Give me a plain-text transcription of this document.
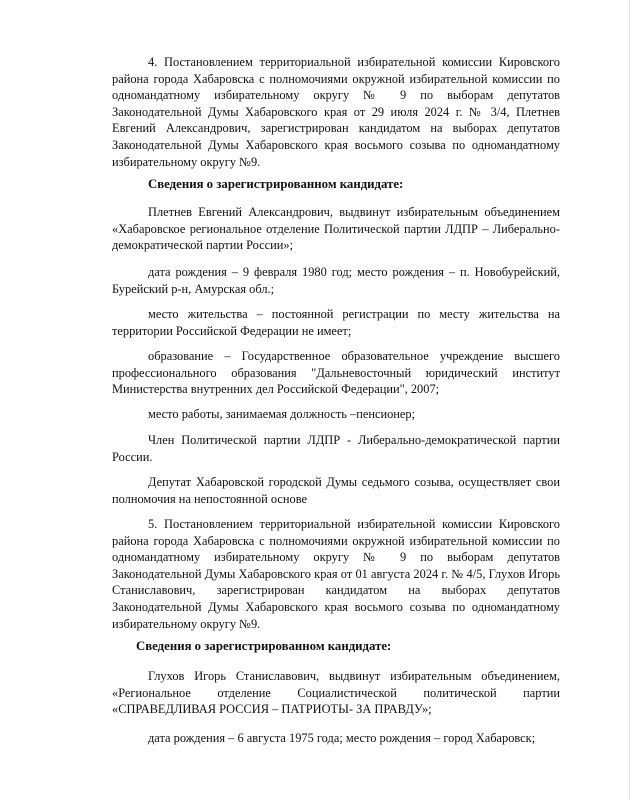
4. Постановлением территориальной избирательной комиссии Кировского района города Хабаровска с полномочиями окружной избирательной комиссии по одномандатному избирательному округу № 9 по выборам депутатов Законодательной Думы Хабаровского края от 29 июля 2024 г. № 3/4, Плетнев Евгений Александрович, зарегистрирован кандидатом на выборах депутатов Законодательной Думы Хабаровского края восьмого созыва по одномандатному избирательному округу №9.

Сведения о зарегистрированном кандидате:

Плетнев Евгений Александрович, выдвинут избирательным объединением «Хабаровское региональное отделение Политической партии ЛДПР – Либерально-демократической партии России»;

дата рождения – 9 февраля 1980 год; место рождения – п. Новобурейский, Бурейский р-н, Амурская обл.;

место жительства – постоянной регистрации по месту жительства на территории Российской Федерации не имеет;

образование – Государственное образовательное учреждение высшего профессионального образования "Дальневосточный юридический институт Министерства внутренних дел Российской Федерации", 2007;

место работы, занимаемая должность –пенсионер;

Член Политической партии ЛДПР - Либерально-демократической партии России.

Депутат Хабаровской городской Думы седьмого созыва, осуществляет свои полномочия на непостоянной основе

5. Постановлением территориальной избирательной комиссии Кировского района города Хабаровска с полномочиями окружной избирательной комиссии по одномандатному избирательному округу № 9 по выборам депутатов Законодательной Думы Хабаровского края от 01 августа 2024 г. № 4/5, Глухов Игорь Станиславович, зарегистрирован кандидатом на выборах депутатов Законодательной Думы Хабаровского края восьмого созыва по одномандатному избирательному округу №9.

Сведения о зарегистрированном кандидате:

Глухов Игорь Станиславович, выдвинут избирательным объединением, «Региональное отделение Социалистической политической партии «СПРАВЕДЛИВАЯ РОССИЯ – ПАТРИОТЫ- ЗА ПРАВДУ»;

дата рождения – 6 августа 1975 года; место рождения – город Хабаровск;
